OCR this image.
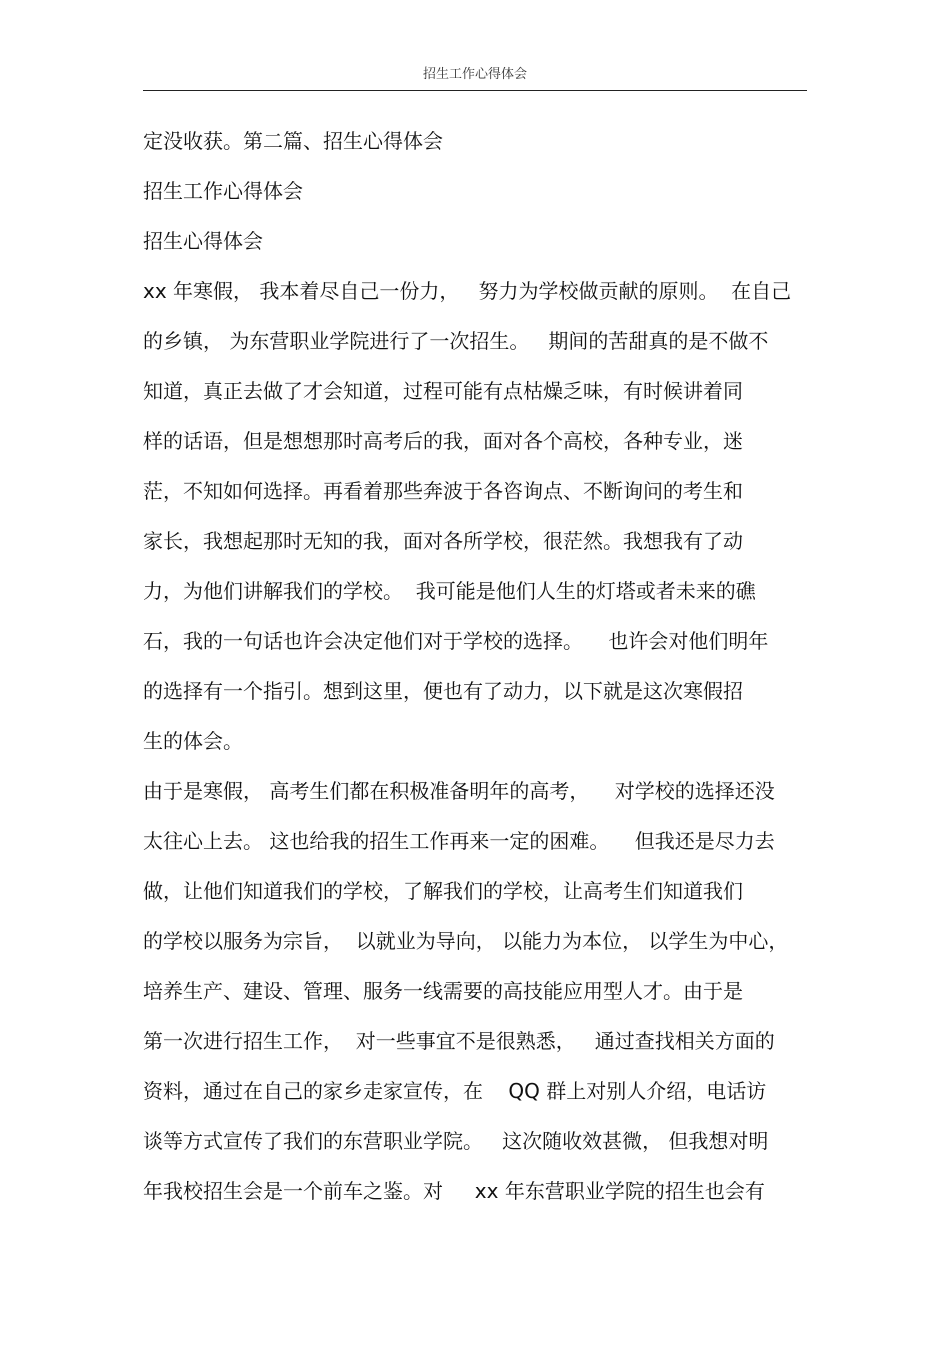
招生工作心得体会
定没收获。第二篇、招生心得体会
招生工作心得体会
招生心得体会
xx 年寒假， 我本着尽自己一份力，   努力为学校做贡献的原则。  在自己
的乡镇， 为东营职业学院进行了一次招生。   期间的苦甜真的是不做不
知道，真正去做了才会知道，过程可能有点枯燥乏味，有时候讲着同
样的话语，但是想想那时高考后的我，面对各个高校，各种专业，迷
茫，不知如何选择。再看着那些奔波于各咨询点、不断询问的考生和
家长，我想起那时无知的我，面对各所学校，很茫然。我想我有了动
力，为他们讲解我们的学校。  我可能是他们人生的灯塔或者未来的礁
石，我的一句话也许会决定他们对于学校的选择。    也许会对他们明年
的选择有一个指引。想到这里，便也有了动力，以下就是这次寒假招
生的体会。
由于是寒假， 高考生们都在积极准备明年的高考，    对学校的选择还没
太往心上去。 这也给我的招生工作再来一定的困难。    但我还是尽力去
做，让他们知道我们的学校，了解我们的学校，让高考生们知道我们
的学校以服务为宗旨，  以就业为导向， 以能力为本位， 以学生为中心，
培养生产、建设、管理、服务一线需要的高技能应用型人才。由于是
第一次进行招生工作，  对一些事宜不是很熟悉，   通过查找相关方面的
资料，通过在自己的家乡走家宣传，在    QQ 群上对别人介绍，电话访
谈等方式宣传了我们的东营职业学院。   这次随收效甚微， 但我想对明
年我校招生会是一个前车之鉴。对     xx 年东营职业学院的招生也会有
